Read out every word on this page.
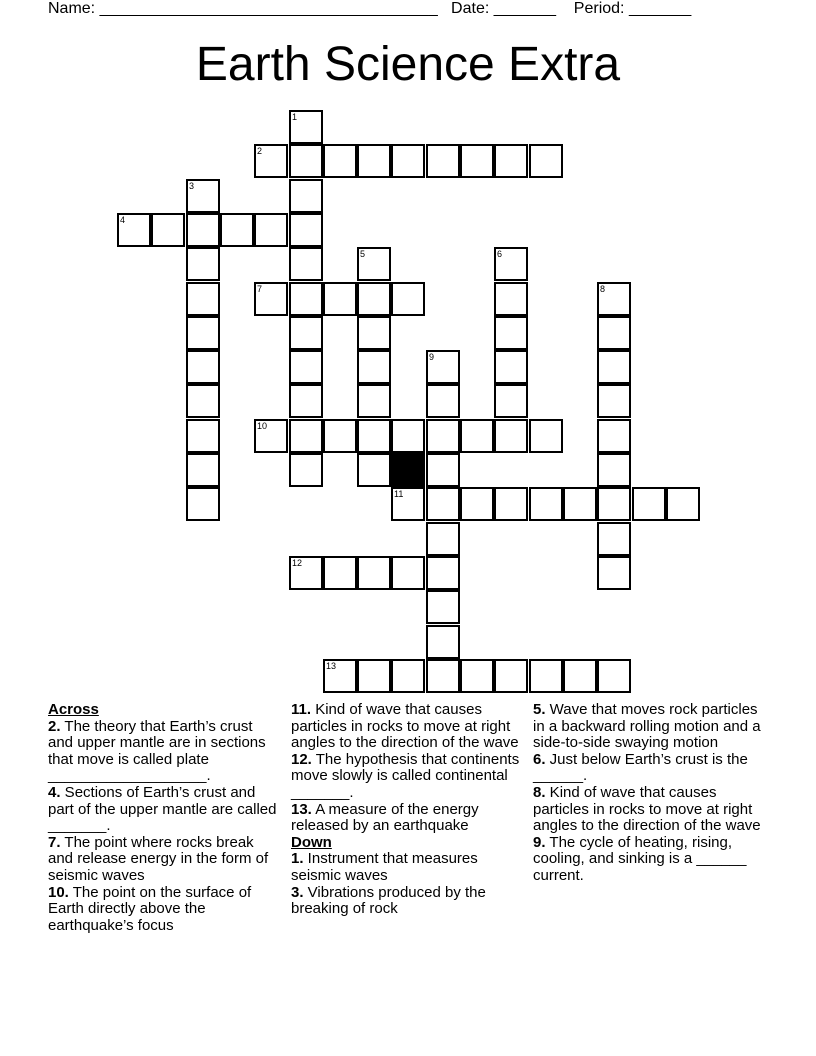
Name: ______________________________________   Date: _______    Period: _______
Earth Science Extra
1
2
3
4
5	6
7	8
9
10
11
12
13
Across
2. The theory that Earth’s crust and upper mantle are in sections that move is called plate ___________________.
4. Sections of Earth’s crust and part of the upper mantle are called _______.
7. The point where rocks break and release energy in the form of seismic waves
10. The point on the surface of Earth directly above the earthquake’s focus
11. Kind of wave that causes particles in rocks to move at right angles to the direction of the wave
12. The hypothesis that continents move slowly is called continental _______.
13. A measure of the energy released by an earthquake
Down
1. Instrument that measures seismic waves
3. Vibrations produced by the breaking of rock
5. Wave that moves rock particles in a backward rolling motion and a side-to-side swaying motion
6. Just below Earth’s crust is the ______.
8. Kind of wave that causes particles in rocks to move at right angles to the direction of the wave
9. The cycle of heating, rising, cooling, and sinking is a ______ current.
